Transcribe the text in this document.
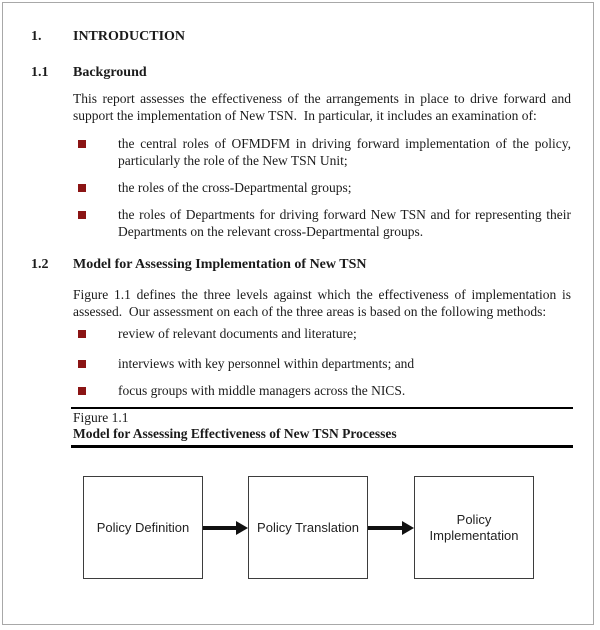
1.	INTRODUCTION
1.1	Background
This report assesses the effectiveness of the arrangements in place to drive forward and support the implementation of New TSN.  In particular, it includes an examination of:
the central roles of OFMDFM in driving forward implementation of the policy, particularly the role of the New TSN Unit;
the roles of the cross-Departmental groups;
the roles of Departments for driving forward New TSN and for representing their Departments on the relevant cross-Departmental groups.
1.2	Model for Assessing Implementation of New TSN
Figure 1.1 defines the three levels against which the effectiveness of implementation is assessed.  Our assessment on each of the three areas is based on the following methods:
review of relevant documents and literature;
interviews with key personnel within departments; and
focus groups with middle managers across the NICS.
Figure 1.1
Model for Assessing Effectiveness of New TSN Processes
Policy Definition	Policy Translation
Policy Implementation
